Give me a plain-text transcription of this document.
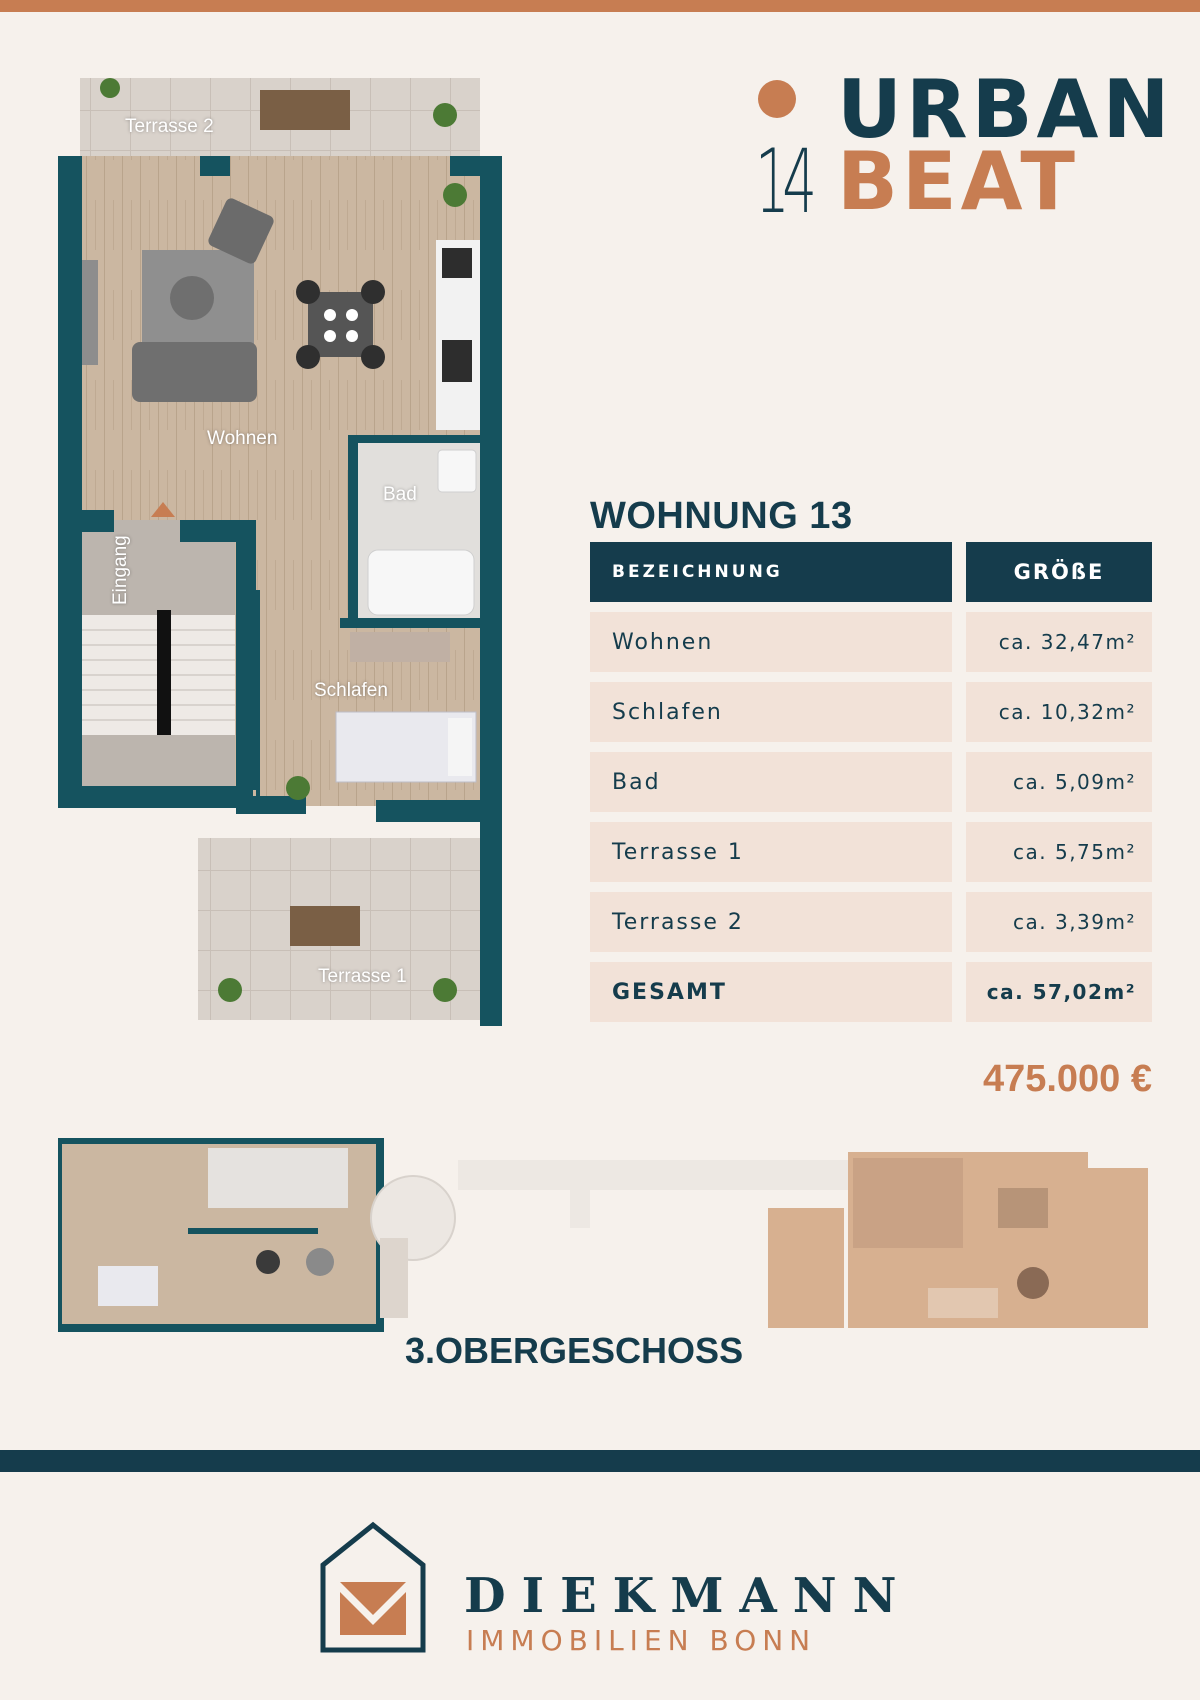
14
URBAN
BEAT
Terrasse 2
Wohnen
Bad
Eingang
Schlafen
Terrasse 1
WOHNUNG 13
BEZEICHNUNG	GRÖßE
Wohnen	ca. 32,47m²
Schlafen	ca. 10,32m²
Bad	ca. 5,09m²
Terrasse 1	ca. 5,75m²
Terrasse 2	ca. 3,39m²
GESAMT	ca. 57,02m²
475.000 €
3.OBERGESCHOSS
DIEKMANN
IMMOBILIEN BONN
